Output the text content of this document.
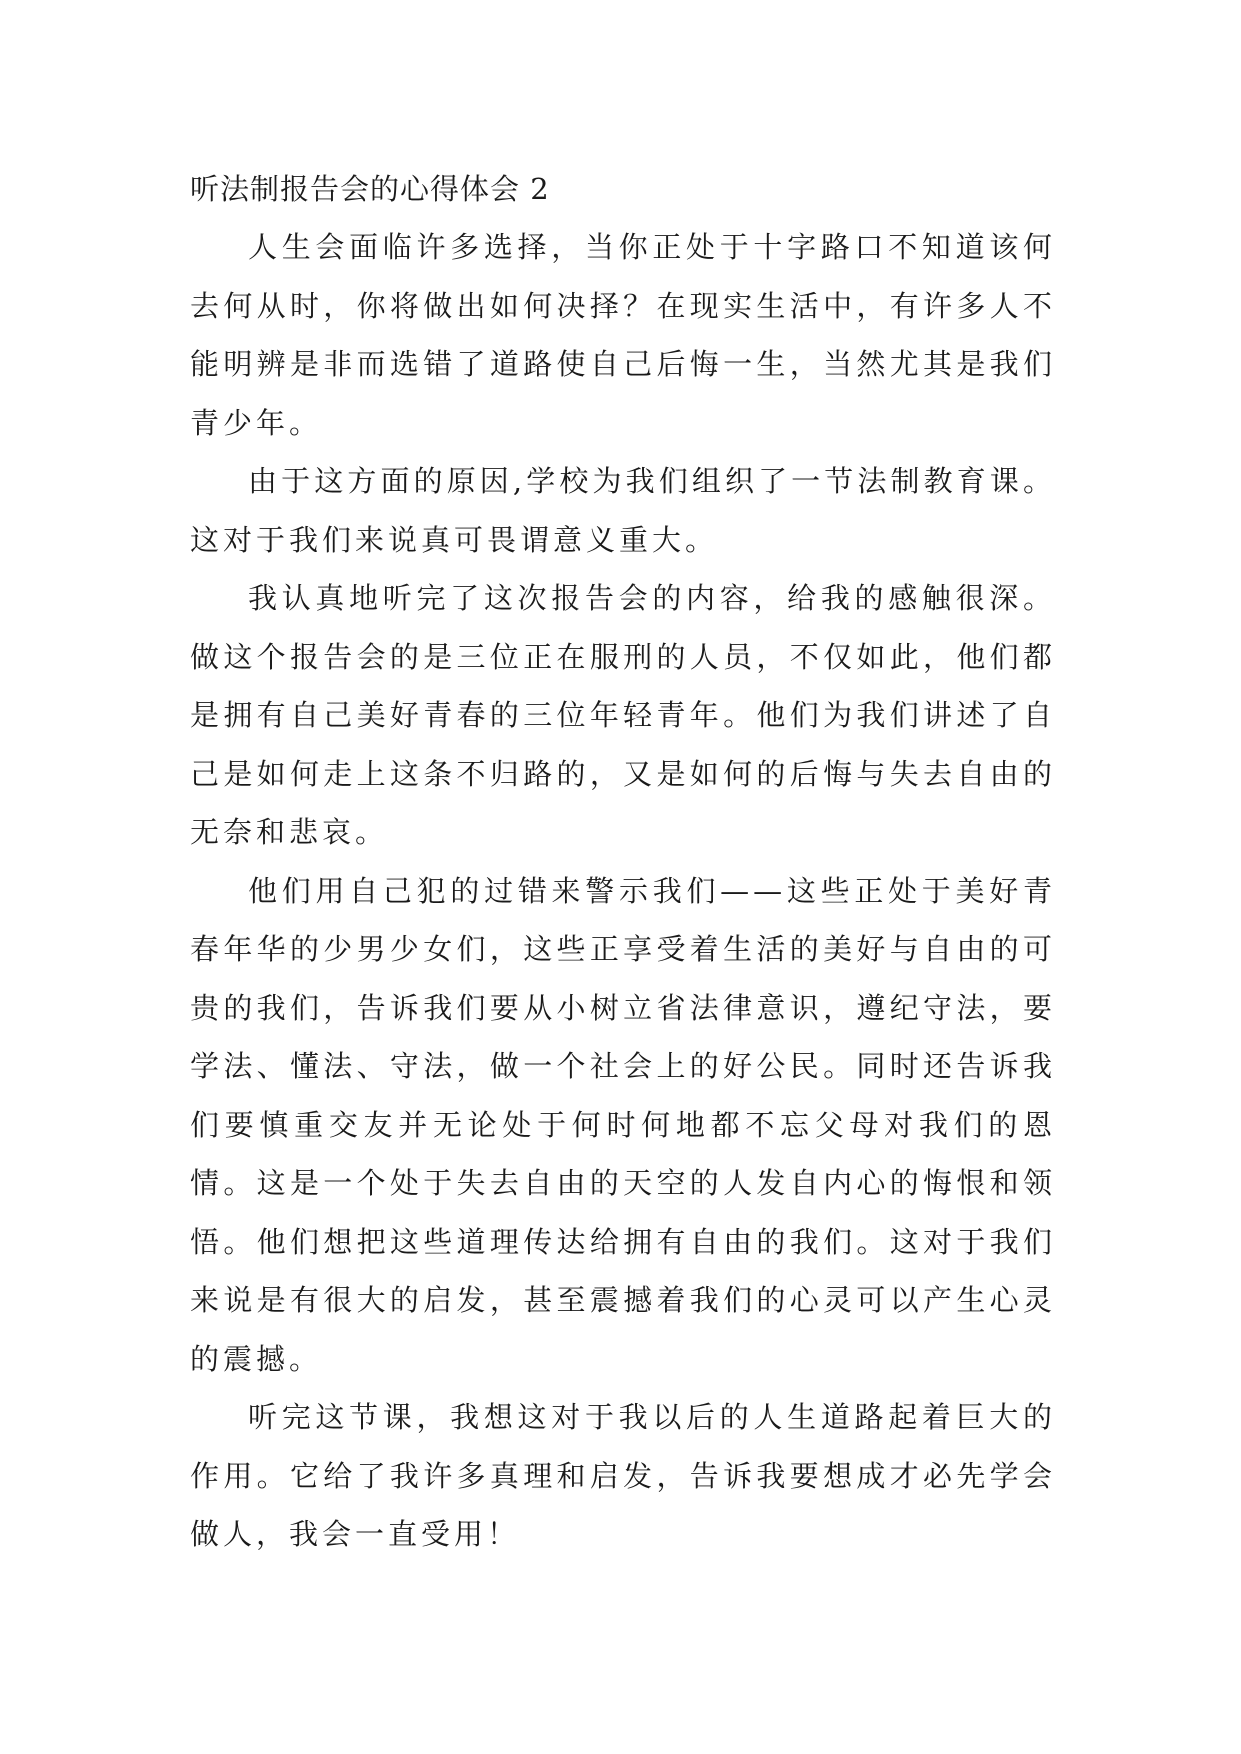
听法制报告会的心得体会 2

人生会面临许多选择，当你正处于十字路口不知道该何去何从时，你将做出如何决择？在现实生活中，有许多人不能明辨是非而选错了道路使自己后悔一生，当然尤其是我们青少年。

由于这方面的原因,学校为我们组织了一节法制教育课。这对于我们来说真可畏谓意义重大。

我认真地听完了这次报告会的内容，给我的感触很深。做这个报告会的是三位正在服刑的人员，不仅如此，他们都是拥有自己美好青春的三位年轻青年。他们为我们讲述了自己是如何走上这条不归路的，又是如何的后悔与失去自由的无奈和悲哀。

他们用自己犯的过错来警示我们——这些正处于美好青春年华的少男少女们，这些正享受着生活的美好与自由的可贵的我们，告诉我们要从小树立省法律意识，遵纪守法，要学法、懂法、守法，做一个社会上的好公民。同时还告诉我们要慎重交友并无论处于何时何地都不忘父母对我们的恩情。这是一个处于失去自由的天空的人发自内心的悔恨和领悟。他们想把这些道理传达给拥有自由的我们。这对于我们来说是有很大的启发，甚至震撼着我们的心灵可以产生心灵的震撼。

听完这节课，我想这对于我以后的人生道路起着巨大的作用。它给了我许多真理和启发，告诉我要想成才必先学会做人，我会一直受用！
